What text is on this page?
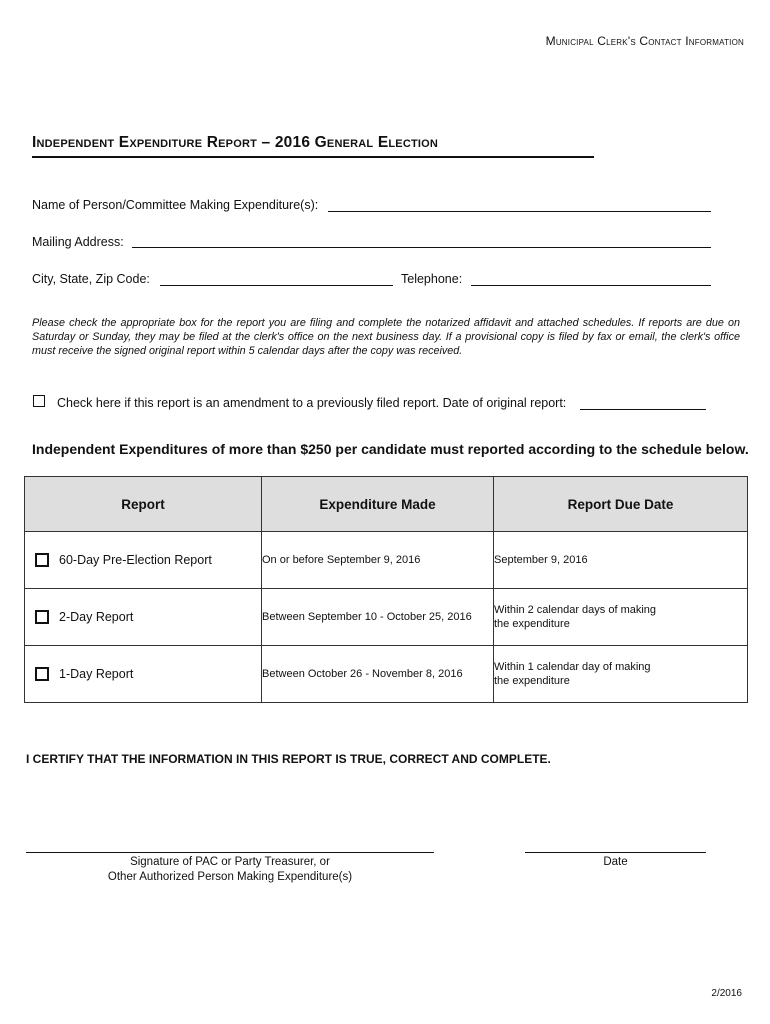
Municipal Clerk's Contact Information
Independent Expenditure Report – 2016 General Election
Name of Person/Committee Making Expenditure(s):
Mailing Address:
City, State, Zip Code:	Telephone:
Please check the appropriate box for the report you are filing and complete the notarized affidavit and attached schedules. If reports are due on Saturday or Sunday, they may be filed at the clerk's office on the next business day. If a provisional copy is filed by fax or email, the clerk's office must receive the signed original report within 5 calendar days after the copy was received.
Check here if this report is an amendment to a previously filed report. Date of original report:
Independent Expenditures of more than $250 per candidate must reported according to the schedule below.
Report	Expenditure Made	Report Due Date

60-Day Pre-Election Report	On or before September 9, 2016	September 9, 2016

2-Day Report	Between September 10 - October 25, 2016	Within 2 calendar days of making
the expenditure

1-Day Report	Between October 26 - November 8, 2016	Within 1 calendar day of making
the expenditure
I CERTIFY THAT THE INFORMATION IN THIS REPORT IS TRUE, CORRECT AND COMPLETE.
Signature of PAC or Party Treasurer, or
Other Authorized Person Making Expenditure(s)
Date
2/2016
